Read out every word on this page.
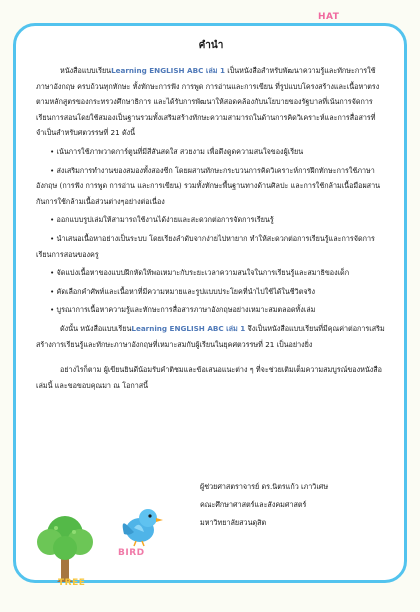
HAT
คำนำ

หนังสือแบบเรียนLearning ENGLISH ABC เล่ม 1 เป็นหนังสือสำหรับพัฒนาความรู้และทักษะการใช้ภาษาอังกฤษ ครบถ้วนทุกทักษะ ทั้งทักษะการฟัง การพูด การอ่านและการเขียน ที่รูปแบบโครงสร้างและเนื้อหาตรงตามหลักสูตรของกระทรวงศึกษาธิการ และได้รับการพัฒนาให้สอดคล้องกับนโยบายของรัฐบาลที่เน้นการจัดการเรียนการสอนโดยใช้สมองเป็นฐานรวมทั้งเสริมสร้างทักษะความสามารถในด้านการคิดวิเคราะห์และการสื่อสารที่จำเป็นสำหรับศตวรรษที่ 21 ดังนี้

• เน้นการใช้ภาพวาดการ์ตูนที่มีสีสันสดใส สวยงาม เพื่อดึงดูดความสนใจของผู้เรียน

• ส่งเสริมการทำงานของสมองทั้งสองซีก โดยผสานทักษะกระบวนการคิดวิเคราะห์การฝึกทักษะการใช้ภาษาอังกฤษ (การฟัง การพูด การอ่าน และการเขียน) รวมทั้งทักษะพื้นฐานทางด้านศิลปะ และการใช้กล้ามเนื้อมือผสานกันการใช้กล้ามเนื้อส่วนต่างๆอย่างต่อเนื่อง

• ออกแบบรูปเล่มให้สามารถใช้งานได้ง่ายและสะดวกต่อการจัดการเรียนรู้

• นำเสนอเนื้อหาอย่างเป็นระบบ โดยเรียงลำดับจากง่ายไปหายาก ทำให้สะดวกต่อการเรียนรู้และการจัดการเรียนการสอนของครู

• จัดแบ่งเนื้อหาของแบบฝึกหัดให้พอเหมาะกับระยะเวลาความสนใจในการเรียนรู้และสมาธิของเด็ก

• คัดเลือกคำศัพท์และเนื้อหาที่มีความหมายและรูปแบบประโยคที่นำไปใช้ได้ในชีวิตจริง

• บูรณาการเนื้อหาความรู้และทักษะการสื่อสารภาษาอังกฤษอย่างเหมาะสมตลอดทั้งเล่ม

ดังนั้น หนังสือแบบเรียนLearning ENGLISH ABC เล่ม 1 จึงเป็นหนังสือแบบเรียนที่มีคุณค่าต่อการเสริมสร้างการเรียนรู้และทักษะภาษาอังกฤษที่เหมาะสมกับผู้เรียนในยุคศตวรรษที่ 21 เป็นอย่างยิ่ง

อย่างไรก็ตาม ผู้เขียนยินดีน้อมรับคำติชมและข้อเสนอแนะต่าง ๆ ที่จะช่วยเติมเต็มความสมบูรณ์ของหนังสือเล่มนี้ และขอขอบคุณมา ณ โอกาสนี้

ผู้ช่วยศาสตราจารย์ ดร.นิตรแก้ว เภาวิเศษ
คณะศึกษาศาสตร์และสังคมศาสตร์
มหาวิทยาลัยสวนดุสิต
TREE
BIRD
